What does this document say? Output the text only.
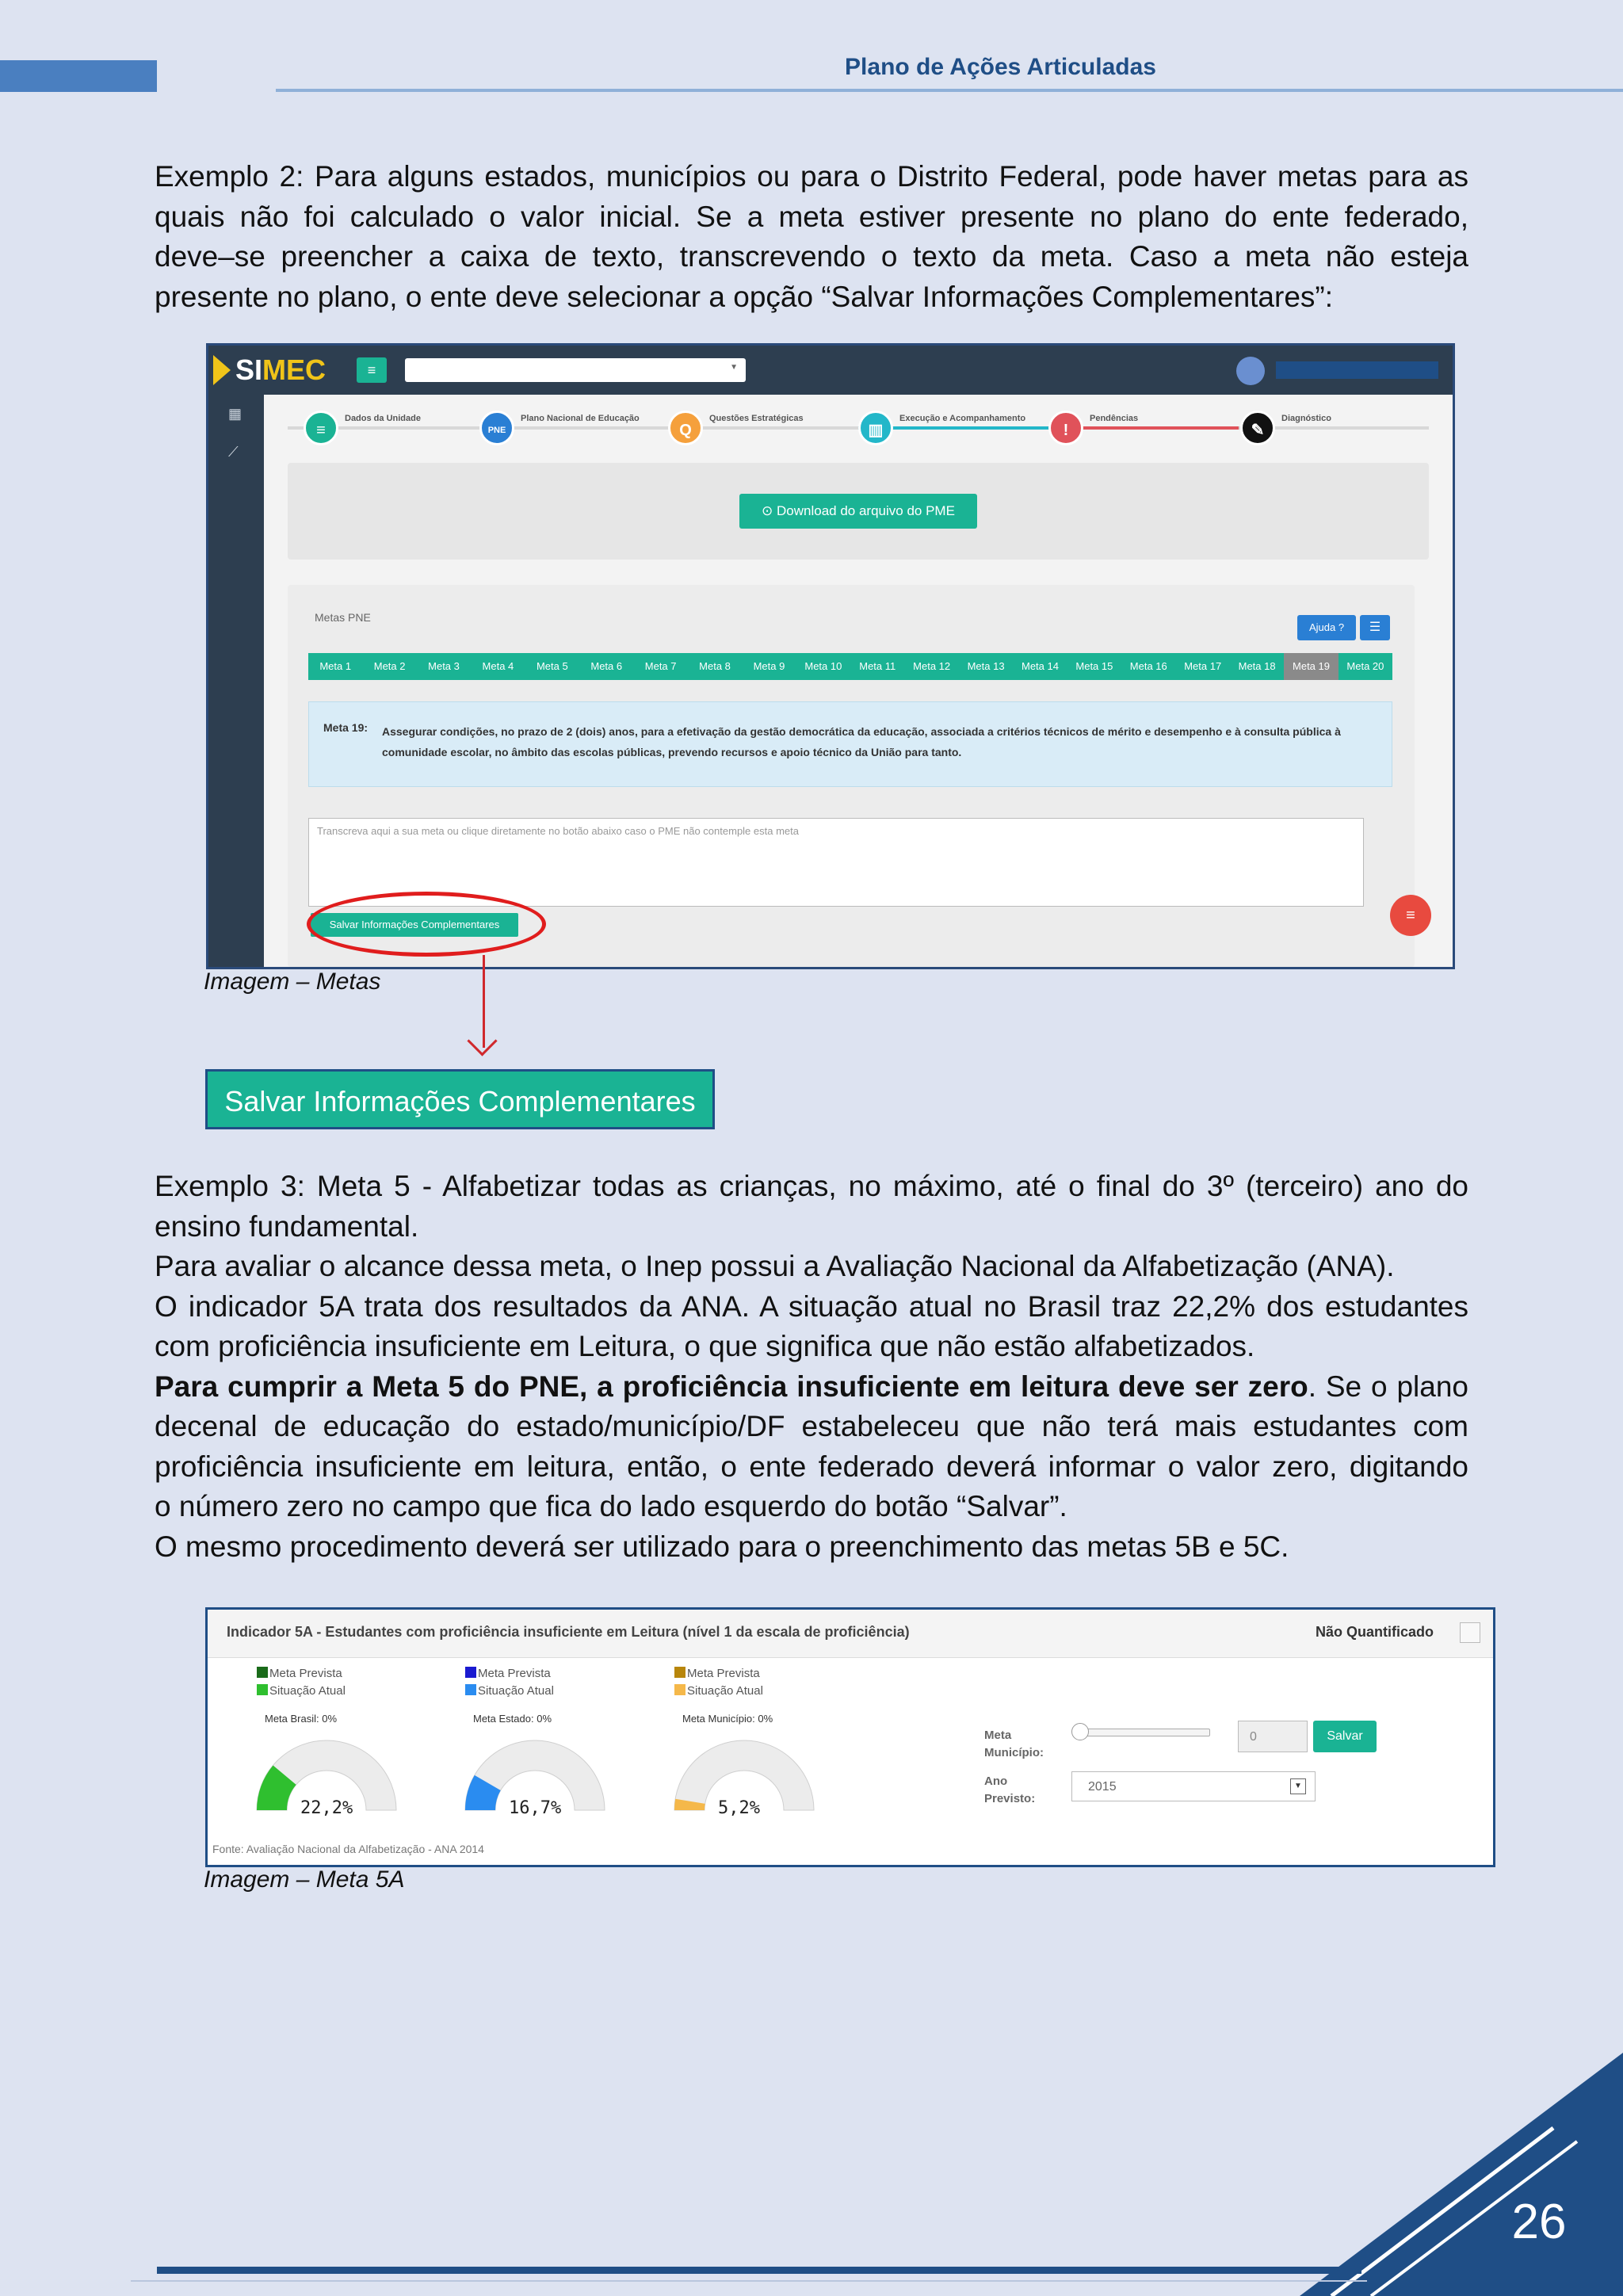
Plano de Ações Articuladas
Exemplo 2: Para alguns estados, municípios ou para o Distrito Federal, pode haver metas para as
quais não foi calculado o valor inicial. Se a meta estiver presente no plano do ente federado,
deve–se preencher a caixa de texto, transcrevendo o texto da meta. Caso a meta não esteja
presente no plano, o ente deve selecionar a opção “Salvar Informações Complementares”:
SIMEC	≡	▼
▦
⟋
≡
Dados da Unidade
PNE
Plano Nacional de Educação
Q
Questões Estratégicas
▥
Execução e Acompanhamento
!
Pendências
✎
Diagnóstico
⊙ Download do arquivo do PME
Metas PNE
Ajuda ?	☰
Meta 1	Meta 2	Meta 3	Meta 4	Meta 5	Meta 6	Meta 7	Meta 8	Meta 9	Meta 10	Meta 11	Meta 12	Meta 13	Meta 14	Meta 15	Meta 16	Meta 17	Meta 18	Meta 19	Meta 20
Meta 19: Assegurar condições, no prazo de 2 (dois) anos, para a efetivação da gestão democrática da educação, associada a critérios técnicos de mérito e desempenho e à consulta pública à comunidade escolar, no âmbito das escolas públicas, prevendo recursos e apoio técnico da União para tanto.
Transcreva aqui a sua meta ou clique diretamente no botão abaixo caso o PME não contemple esta meta
Salvar Informações Complementares
≡
Imagem – Metas
Salvar Informações Complementares
Exemplo 3: Meta 5 - Alfabetizar todas as crianças, no máximo, até o final do 3º (terceiro) ano do
ensino fundamental.
Para avaliar o alcance dessa meta, o Inep possui a Avaliação Nacional da Alfabetização (ANA).
O indicador 5A trata dos resultados da ANA. A situação atual no Brasil traz 22,2% dos estudantes
com proficiência insuficiente em Leitura, o que significa que não estão alfabetizados.
Para cumprir a Meta 5 do PNE, a proficiência insuficiente em leitura deve ser zero. Se o plano
decenal de educação do estado/município/DF estabeleceu que não terá mais estudantes com
proficiência insuficiente em leitura, então, o ente federado deverá informar o valor zero, digitando
o número zero no campo que fica do lado esquerdo do botão “Salvar”.
O mesmo procedimento deverá ser utilizado para o preenchimento das metas 5B e 5C.
Indicador 5A - Estudantes com proficiência insuficiente em Leitura (nível 1 da escala de proficiência)	Não Quantificado
Meta Prevista
Situação Atual
Meta Brasil: 0%
22,2%
Meta Prevista
Situação Atual
Meta Estado: 0%
16,7%
Meta Prevista
Situação Atual
Meta Município: 0%
5,2%
Meta
Município:
0	Salvar
Ano
Previsto:
2015	▼
Fonte: Avaliação Nacional da Alfabetização - ANA 2014
Imagem – Meta 5A
26
